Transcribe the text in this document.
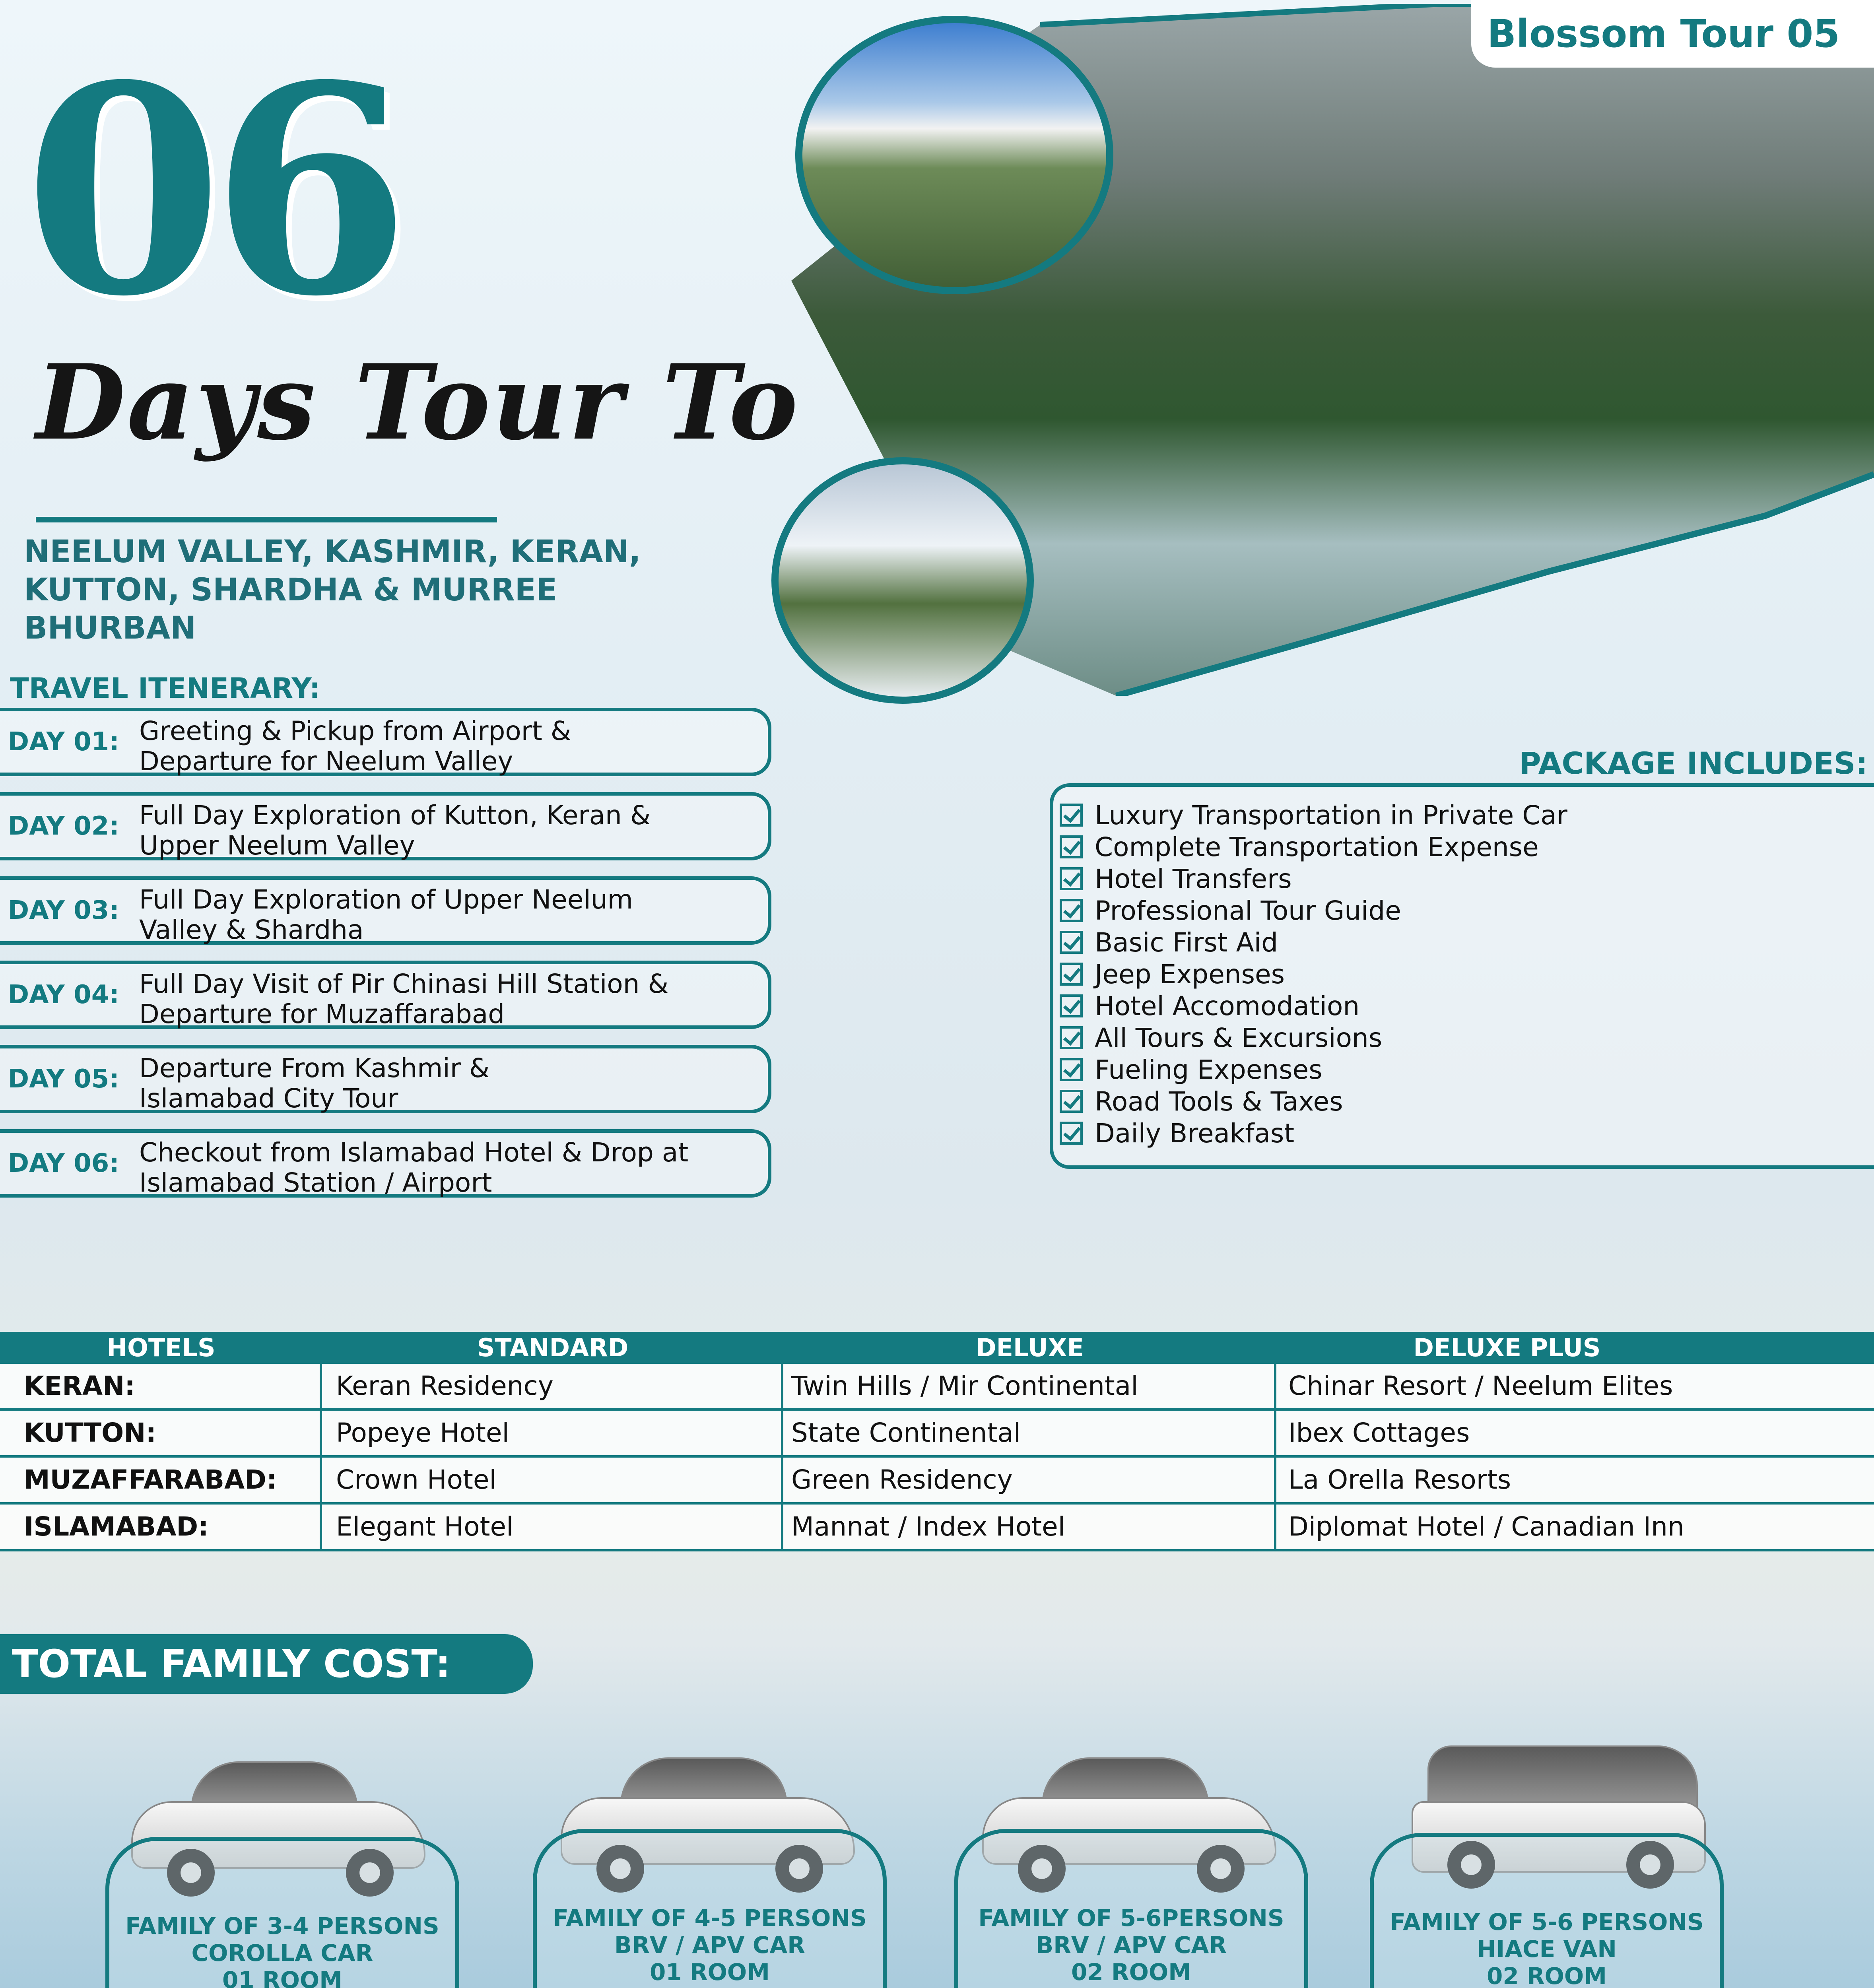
Blossom Tour 05
06
Days Tour To
NEELUM VALLEY, KASHMIR, KERAN,
KUTTON, SHARDHA & MURREE
BHURBAN
TRAVEL ITENERARY:
DAY 01: Greeting & Pickup from Airport &
Departure for Neelum Valley
DAY 02: Full Day Exploration of Kutton, Keran &
Upper Neelum Valley
DAY 03: Full Day Exploration of Upper Neelum
Valley & Shardha
DAY 04: Full Day Visit of Pir Chinasi Hill Station &
Departure for Muzaffarabad
DAY 05: Departure From Kashmir &
Islamabad City Tour
DAY 06: Checkout from Islamabad Hotel & Drop at
Islamabad Station / Airport
PACKAGE INCLUDES:
Luxury Transportation in Private Car
Complete Transportation Expense
Hotel Transfers
Professional Tour Guide
Basic First Aid
Jeep Expenses
Hotel Accomodation
All Tours & Excursions
Fueling Expenses
Road Tools & Taxes
Daily Breakfast
HOTELS	STANDARD	DELUXE	DELUXE PLUS
KERAN:	Keran Residency	Twin Hills / Mir Continental	Chinar Resort / Neelum Elites
KUTTON:	Popeye Hotel	State Continental	Ibex Cottages
MUZAFFARABAD: Crown Hotel	Green Residency	La Orella Resorts
ISLAMABAD:	Elegant Hotel	Mannat / Index Hotel	Diplomat Hotel / Canadian Inn
TOTAL FAMILY COST:
FAMILY OF 3-4 PERSONS
COROLLA CAR
01 ROOM
FAMILY OF 4-5 PERSONS
BRV / APV CAR
01 ROOM
FAMILY OF 5-6PERSONS
BRV / APV CAR
02 ROOM
FAMILY OF 5-6 PERSONS
HIACE VAN
02 ROOM
